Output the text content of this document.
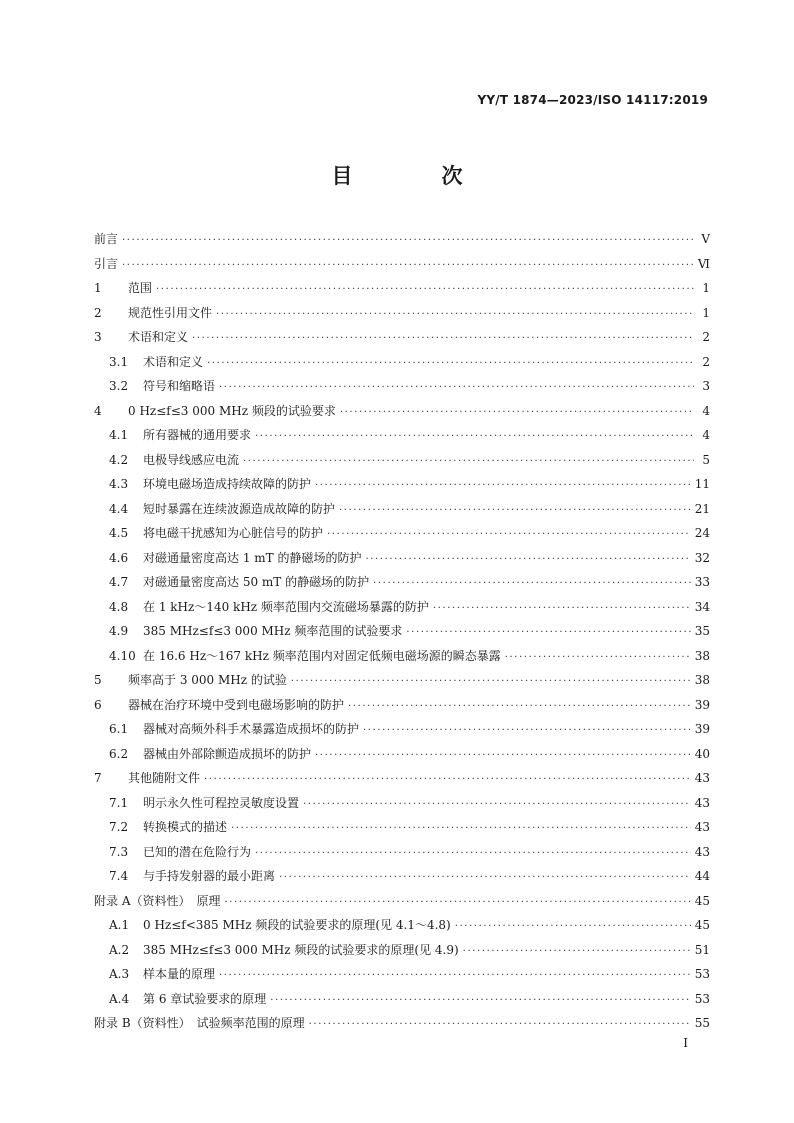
YY/T 1874—2023/ISO 14117:2019
目　次
前言 ·····	Ⅴ
引言 ·····	Ⅵ
1	范围 ·····	1
2	规范性引用文件 ·····	1
3	术语和定义 ·····	2
3.1	术语和定义 ·····	2
3.2	符号和缩略语 ·····	3
4	0 Hz≤f≤3 000 MHz 频段的试验要求 ·····	4
4.1	所有器械的通用要求 ·····	4
4.2	电极导线感应电流 ·····	5
4.3	环境电磁场造成持续故障的防护 ·····	11
4.4	短时暴露在连续波源造成故障的防护 ·····	21
4.5	将电磁干扰感知为心脏信号的防护 ·····	24
4.6	对磁通量密度高达 1 mT 的静磁场的防护 ·····	32
4.7	对磁通量密度高达 50 mT 的静磁场的防护 ·····	33
4.8	在 1 kHz～140 kHz 频率范围内交流磁场暴露的防护 ·····	34
4.9	385 MHz≤f≤3 000 MHz 频率范围的试验要求 ·····	35
4.10 在 16.6 Hz～167 kHz 频率范围内对固定低频电磁场源的瞬态暴露 ·····	38
5	频率高于 3 000 MHz 的试验 ·····	38
6	器械在治疗环境中受到电磁场影响的防护 ·····	39
6.1	器械对高频外科手术暴露造成损坏的防护 ·····	39
6.2	器械由外部除颤造成损坏的防护 ·····	40
7	其他随附文件 ·····	43
7.1	明示永久性可程控灵敏度设置 ·····	43
7.2	转换模式的描述 ·····	43
7.3	已知的潜在危险行为 ·····	43
7.4	与手持发射器的最小距离 ·····	44
附录 A（资料性）　原理 ·····	45
A.1	0 Hz≤f<385 MHz 频段的试验要求的原理(见 4.1～4.8) ·····	45
A.2	385 MHz≤f≤3 000 MHz 频段的试验要求的原理(见 4.9) ·····	51
A.3	样本量的原理 ·····	53
A.4	第 6 章试验要求的原理 ·····	53
附录 B（资料性）　试验频率范围的原理 ·····	55
I
